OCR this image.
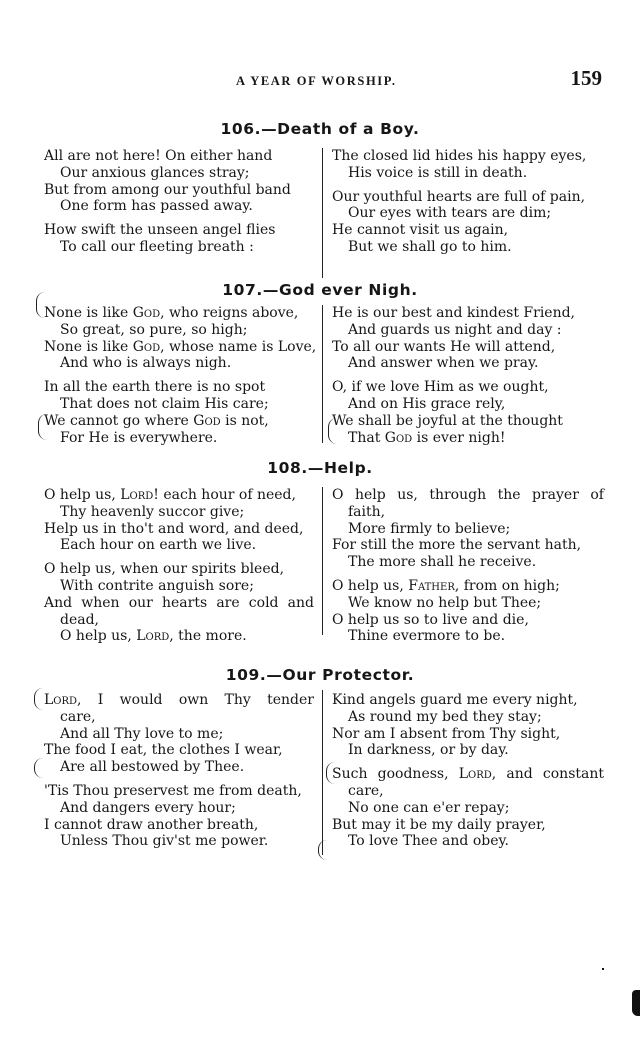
A YEAR OF WORSHIP.	159
106.—Death of a Boy.
All are not here! On either hand
Our anxious glances stray;
But from among our youthful band
One form has passed away.
How swift the unseen angel flies
To call our fleeting breath :
The closed lid hides his happy eyes,
His voice is still in death.
Our youthful hearts are full of pain,
Our eyes with tears are dim;
He cannot visit us again,
But we shall go to him.
107.—God ever Nigh.
None is like God, who reigns above,
So great, so pure, so high;
None is like God, whose name is Love,
And who is always nigh.
In all the earth there is no spot
That does not claim His care;
We cannot go where God is not,
For He is everywhere.
He is our best and kindest Friend,
And guards us night and day :
To all our wants He will attend,
And answer when we pray.
O, if we love Him as we ought,
And on His grace rely,
We shall be joyful at the thought
That God is ever nigh!
108.—Help.
O help us, Lord! each hour of need,
Thy heavenly succor give;
Help us in tho't and word, and deed,
Each hour on earth we live.
O help us, when our spirits bleed,
With contrite anguish sore;
And when our hearts are cold and
dead,
O help us, Lord, the more.
O help us, through the prayer of
faith,
More firmly to believe;
For still the more the servant hath,
The more shall he receive.
O help us, Father, from on high;
We know no help but Thee;
O help us so to live and die,
Thine evermore to be.
109.—Our Protector.
Lord, I would own Thy tender
care,
And all Thy love to me;
The food I eat, the clothes I wear,
Are all bestowed by Thee.
'Tis Thou preservest me from death,
And dangers every hour;
I cannot draw another breath,
Unless Thou giv'st me power.
Kind angels guard me every night,
As round my bed they stay;
Nor am I absent from Thy sight,
In darkness, or by day.
Such goodness, Lord, and constant
care,
No one can e'er repay;
But may it be my daily prayer,
To love Thee and obey.
